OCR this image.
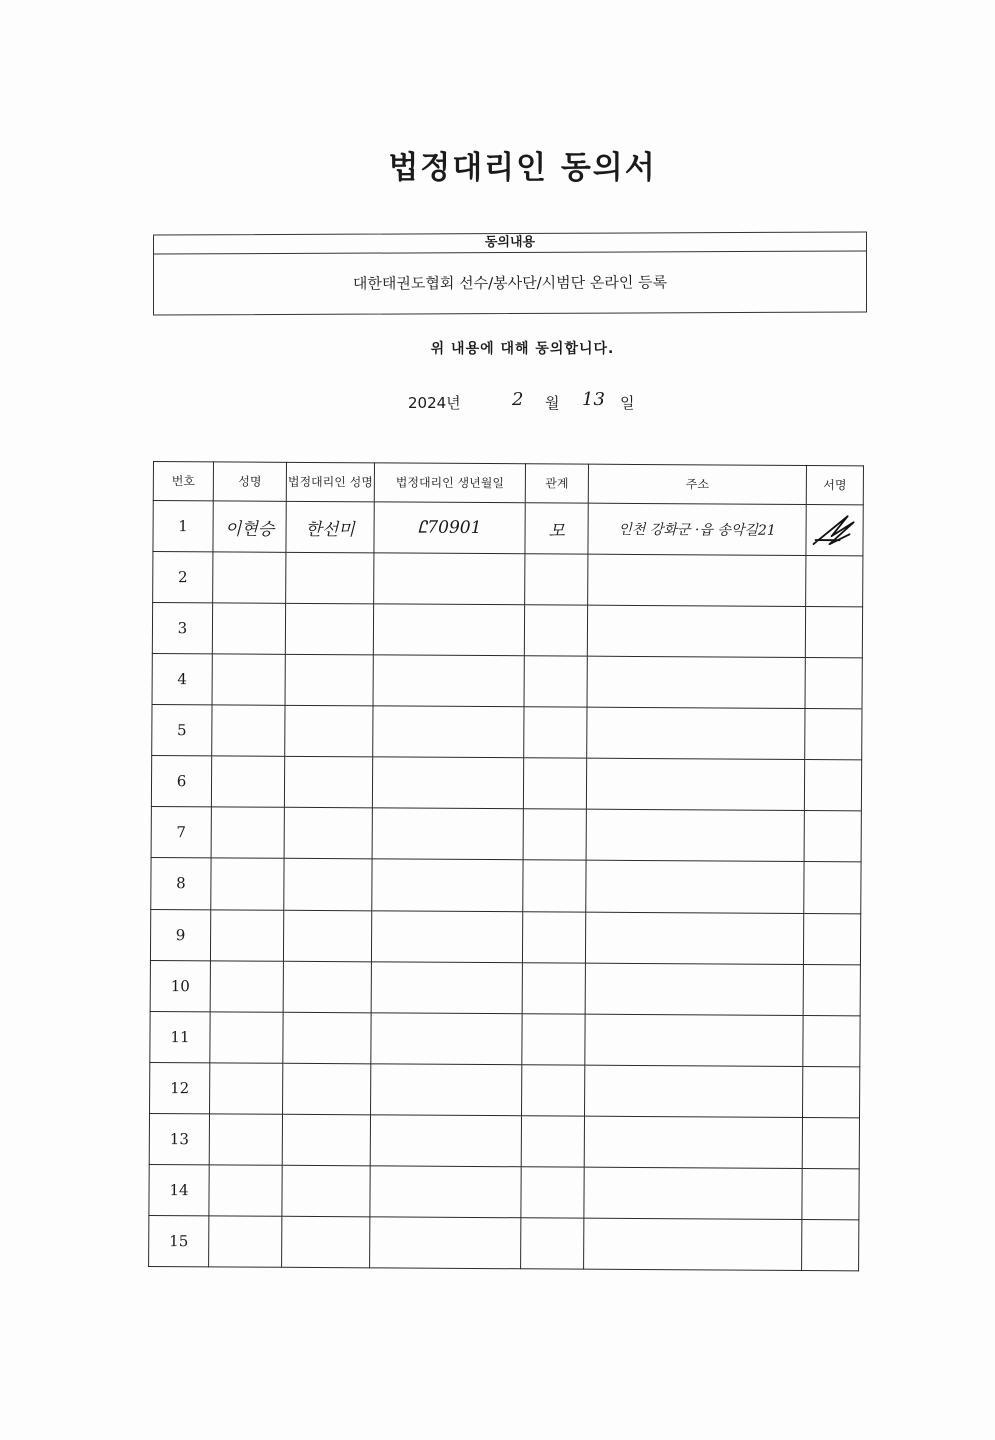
법정대리인 동의서
동의내용
대한태권도협회 선수/봉사단/시범단 온라인 등록
위 내용에 대해 동의합니다.
2024년	2 월 13 일
번호	성명	법정대리인 성명	법정대리인 생년월일	관계	주소	서명
1	이현승	한선미	Ꮭ70901	모	인천 강화군 ·읍 송악길21	

2						
3						
4						
5						
6						
7						
8						
9						
10						
11						
12						
13						
14						
15						
